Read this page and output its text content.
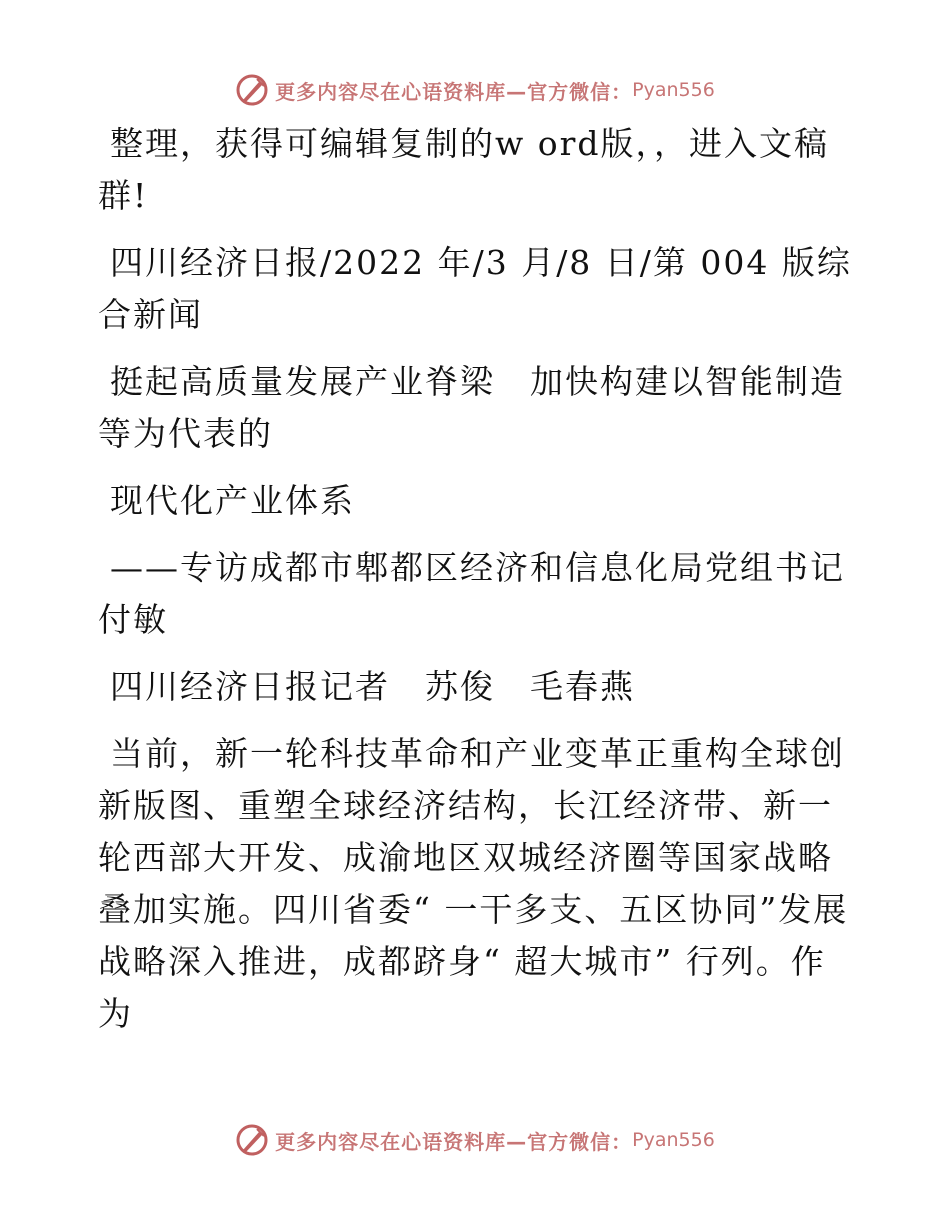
更多内容尽在心语资料库—官方微信： Pyan556

整理，获得可编辑复制的w ord版，，进入文稿群!

四川经济日报/2022 年/3 月/8 日/第 004 版综合新闻

挺起高质量发展产业脊梁　加快构建以智能制造等为代表的

现代化产业体系

——专访成都市郫都区经济和信息化局党组书记付敏

四川经济日报记者　苏俊　毛春燕

当前，新一轮科技革命和产业变革正重构全球创新版图、重塑全球经济结构，长江经济带、新一轮西部大开发、成渝地区双城经济圈等国家战略叠加实施。四川省委“ 一干多支、五区协同”发展战略深入推进，成都跻身“ 超大城市” 行列。作为

更多内容尽在心语资料库—官方微信： Pyan556
